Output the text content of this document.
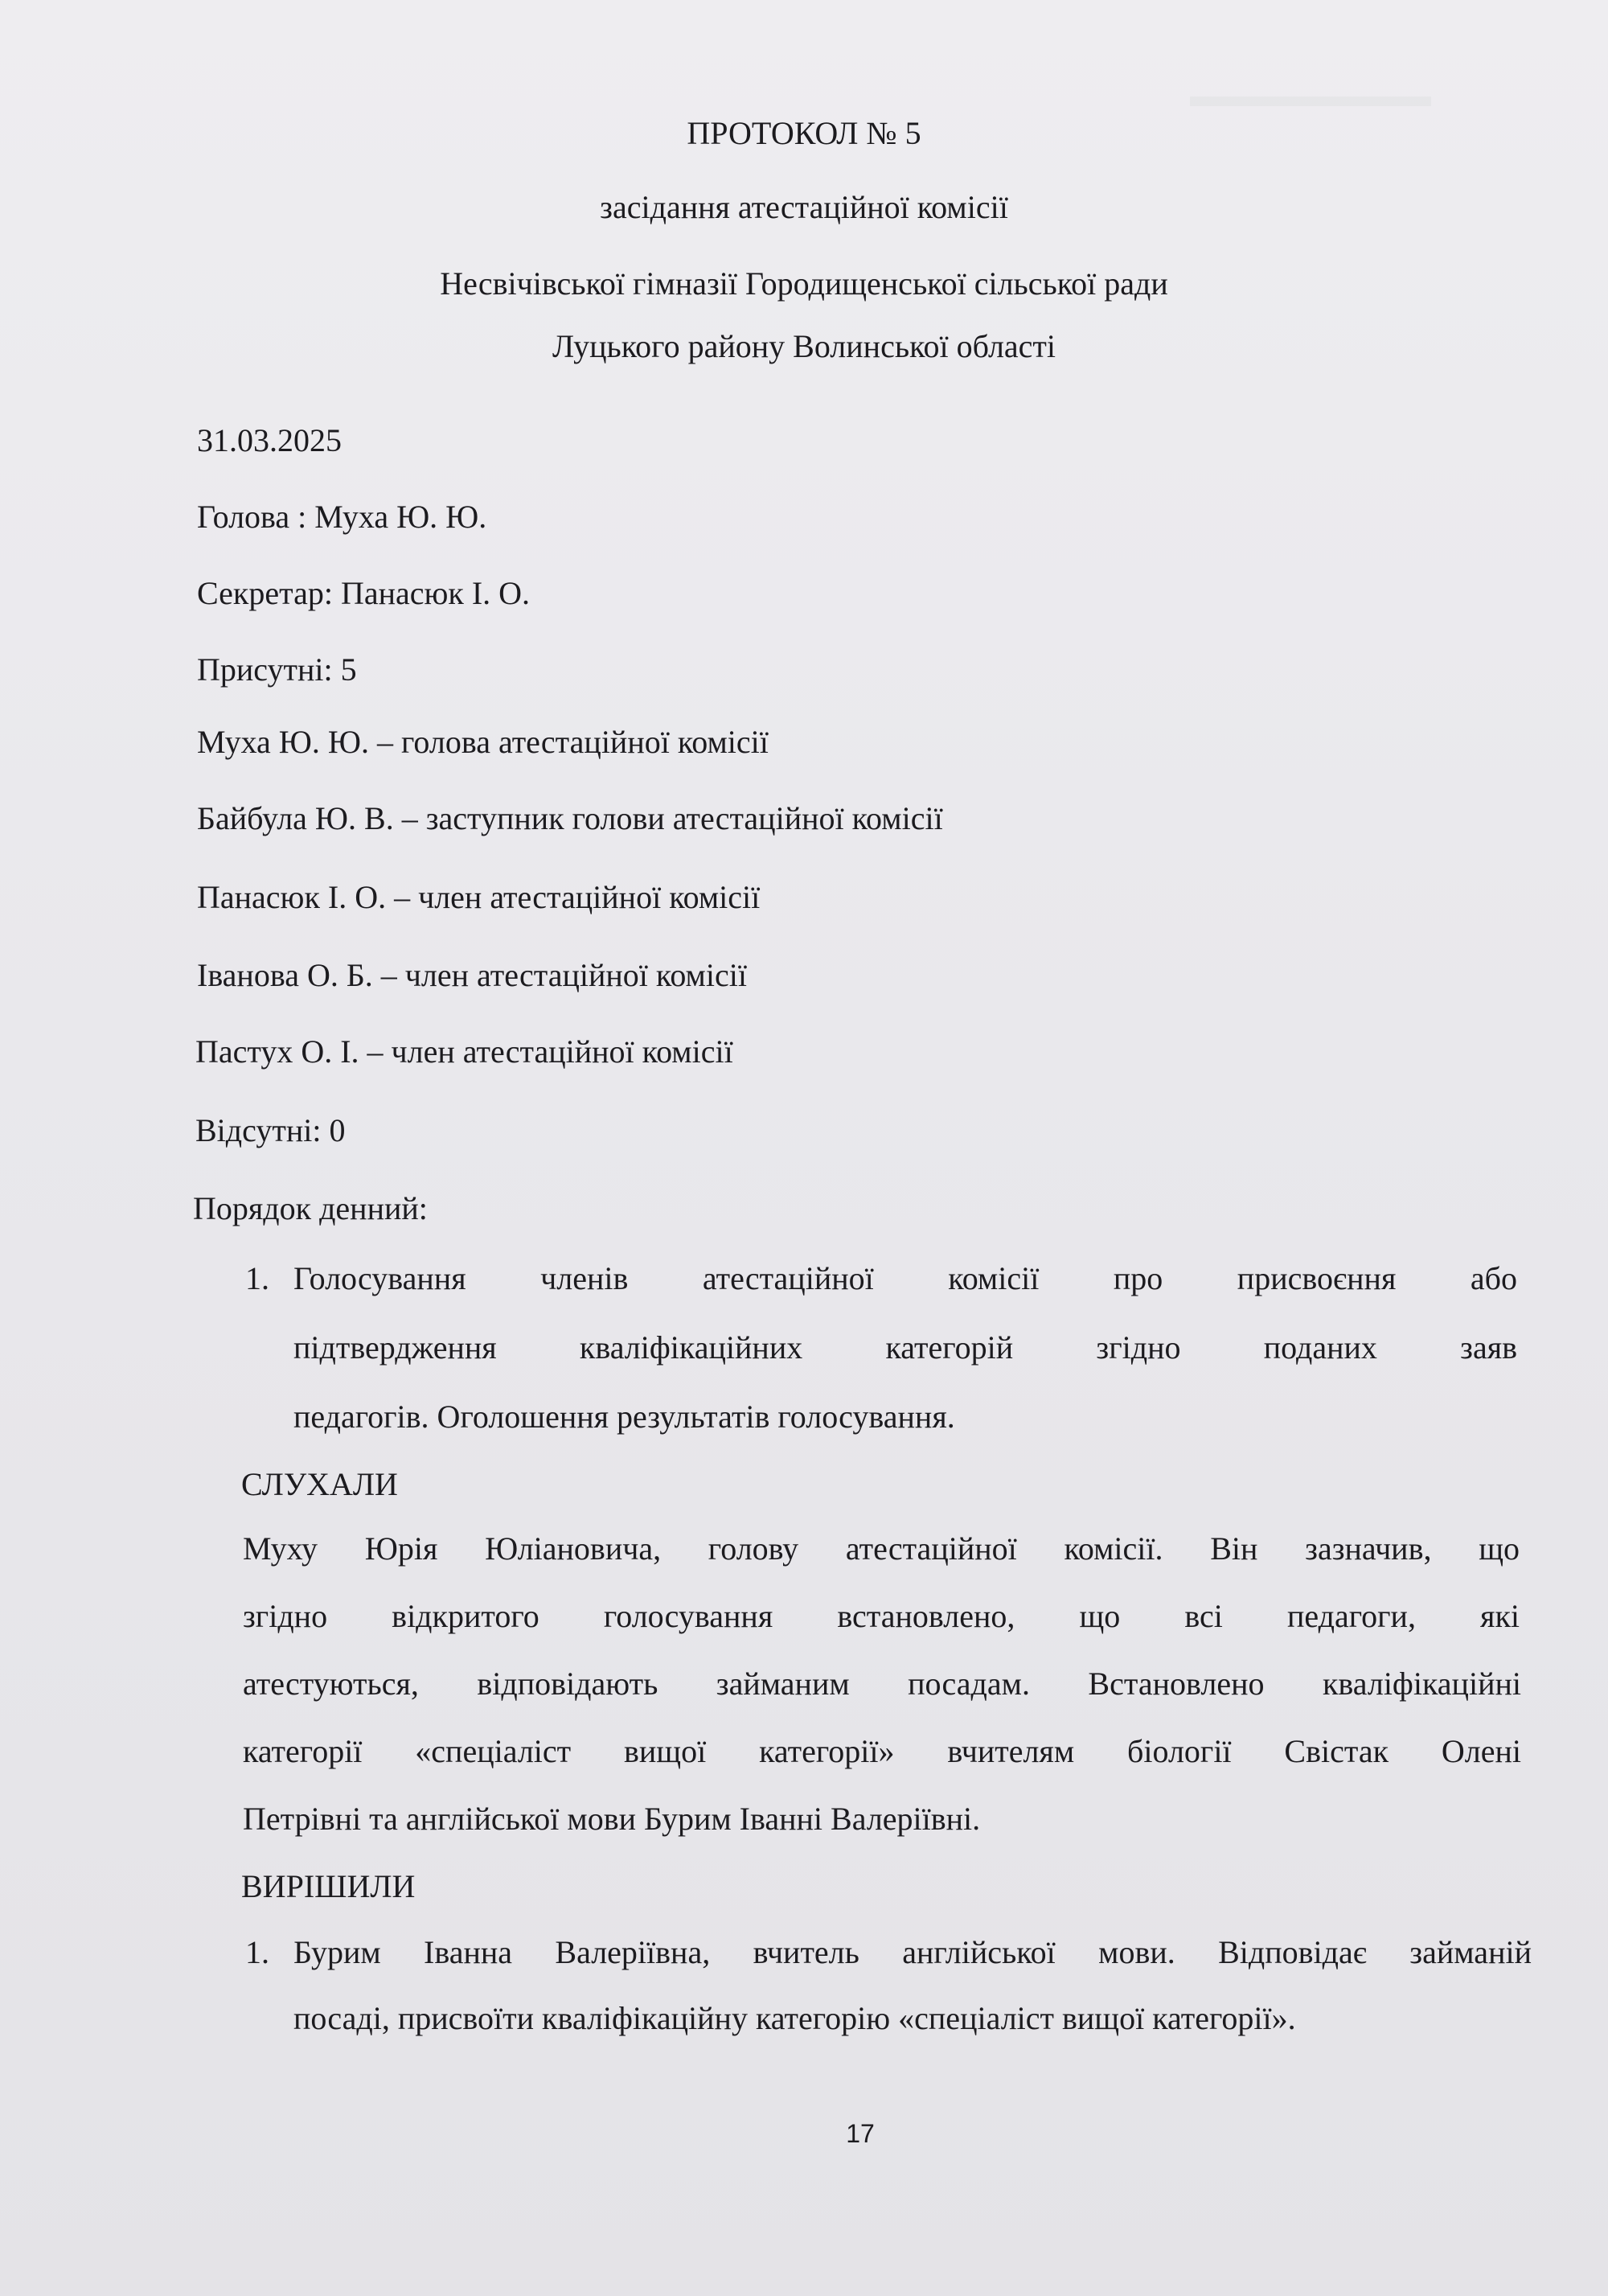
ПРОТОКОЛ № 5
засідання атестаційної комісії
Несвічівської гімназії Городищенської сільської ради
Луцького району Волинської області
31.03.2025
Голова : Муха Ю. Ю.
Секретар: Панасюк І. О.
Присутні: 5
Муха Ю. Ю. – голова атестаційної комісії
Байбула Ю. В. – заступник голови атестаційної комісії
Панасюк І. О. – член атестаційної комісії
Іванова О. Б. – член атестаційної комісії
Пастух О. І. – член атестаційної комісії
Відсутні: 0
Порядок денний:
1. Голосування членів атестаційної комісії про присвоєння або
підтвердження кваліфікаційних категорій згідно поданих заяв
педагогів. Оголошення результатів голосування.
СЛУХАЛИ
Муху Юрія Юліановича, голову атестаційної комісії. Він зазначив, що
згідно відкритого голосування встановлено, що всі педагоги, які
атестуються, відповідають займаним посадам. Встановлено кваліфікаційні
категорії «спеціаліст вищої категорії» вчителям біології Свістак Олені
Петрівні та англійської мови Бурим Іванні Валеріївні.
ВИРІШИЛИ
1. Бурим Іванна Валеріївна, вчитель англійської мови. Відповідає займаній
посаді, присвоїти кваліфікаційну категорію «спеціаліст вищої категорії».
17
